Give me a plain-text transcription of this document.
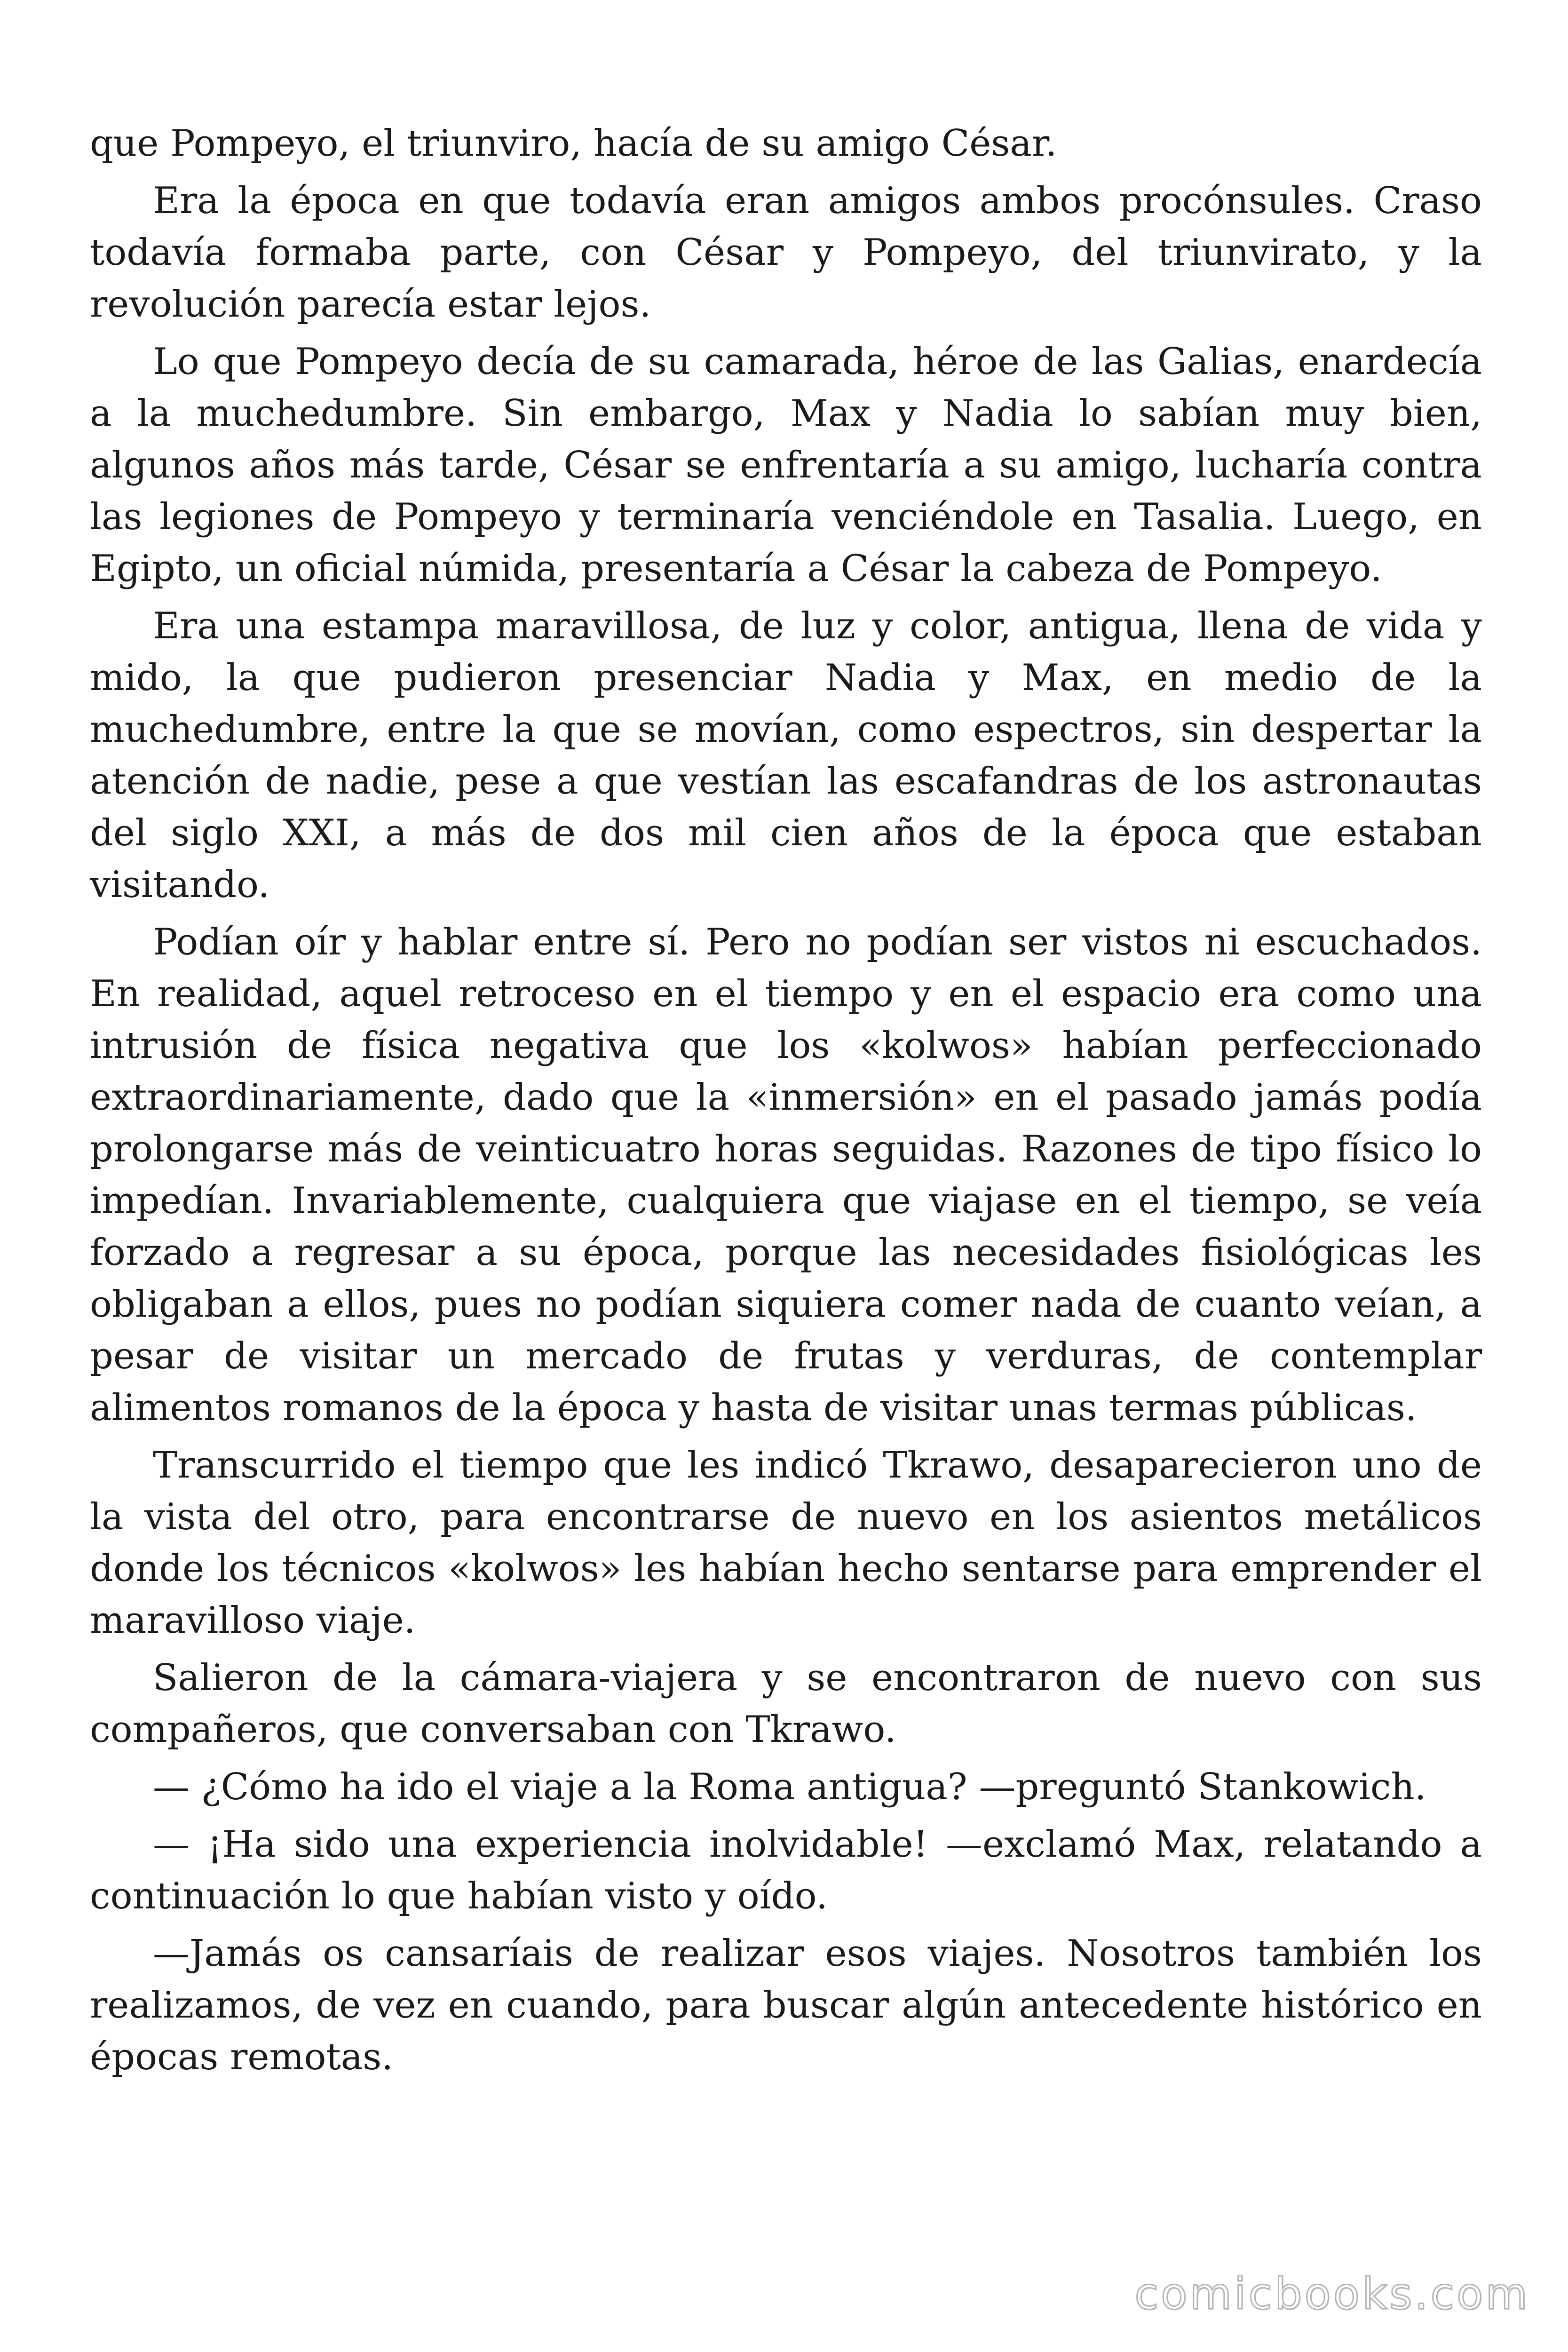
que Pompeyo, el triunviro, hacía de su amigo César.

Era la época en que todavía eran amigos ambos procónsules. Craso todavía formaba parte, con César y Pompeyo, del triunvirato, y la revolución parecía estar lejos.

Lo que Pompeyo decía de su camarada, héroe de las Galias, enardecía a la muchedumbre. Sin embargo, Max y Nadia lo sabían muy bien, algunos años más tarde, César se enfrentaría a su amigo, lucharía contra las legiones de Pompeyo y terminaría venciéndole en Tasalia. Luego, en Egipto, un oficial númida, presentaría a César la cabeza de Pompeyo.

Era una estampa maravillosa, de luz y color, antigua, llena de vida y mido, la que pudieron presenciar Nadia y Max, en medio de la muchedumbre, entre la que se movían, como espectros, sin despertar la atención de nadie, pese a que vestían las escafandras de los astronautas del siglo XXI, a más de dos mil cien años de la época que estaban visitando.

Podían oír y hablar entre sí. Pero no podían ser vistos ni escuchados. En realidad, aquel retroceso en el tiempo y en el espacio era como una intrusión de física negativa que los «kolwos» habían perfeccionado extraordinariamente, dado que la «inmersión» en el pasado jamás podía prolongarse más de veinticuatro horas seguidas. Razones de tipo físico lo impedían. Invariablemente, cualquiera que viajase en el tiempo, se veía forzado a regresar a su época, porque las necesidades fisiológicas les obligaban a ellos, pues no podían siquiera comer nada de cuanto veían, a pesar de visitar un mercado de frutas y verduras, de contemplar alimentos romanos de la época y hasta de visitar unas termas públicas.

Transcurrido el tiempo que les indicó Tkrawo, desaparecieron uno de la vista del otro, para encontrarse de nuevo en los asientos metálicos donde los técnicos «kolwos» les habían hecho sentarse para emprender el maravilloso viaje.

Salieron de la cámara-viajera y se encontraron de nuevo con sus compañeros, que conversaban con Tkrawo.

— ¿Cómo ha ido el viaje a la Roma antigua? —preguntó Stankowich.

— ¡Ha sido una experiencia inolvidable! —exclamó Max, relatando a continuación lo que habían visto y oído.

—Jamás os cansaríais de realizar esos viajes. Nosotros también los realizamos, de vez en cuando, para buscar algún antecedente histórico en épocas remotas.

comicbooks.com
